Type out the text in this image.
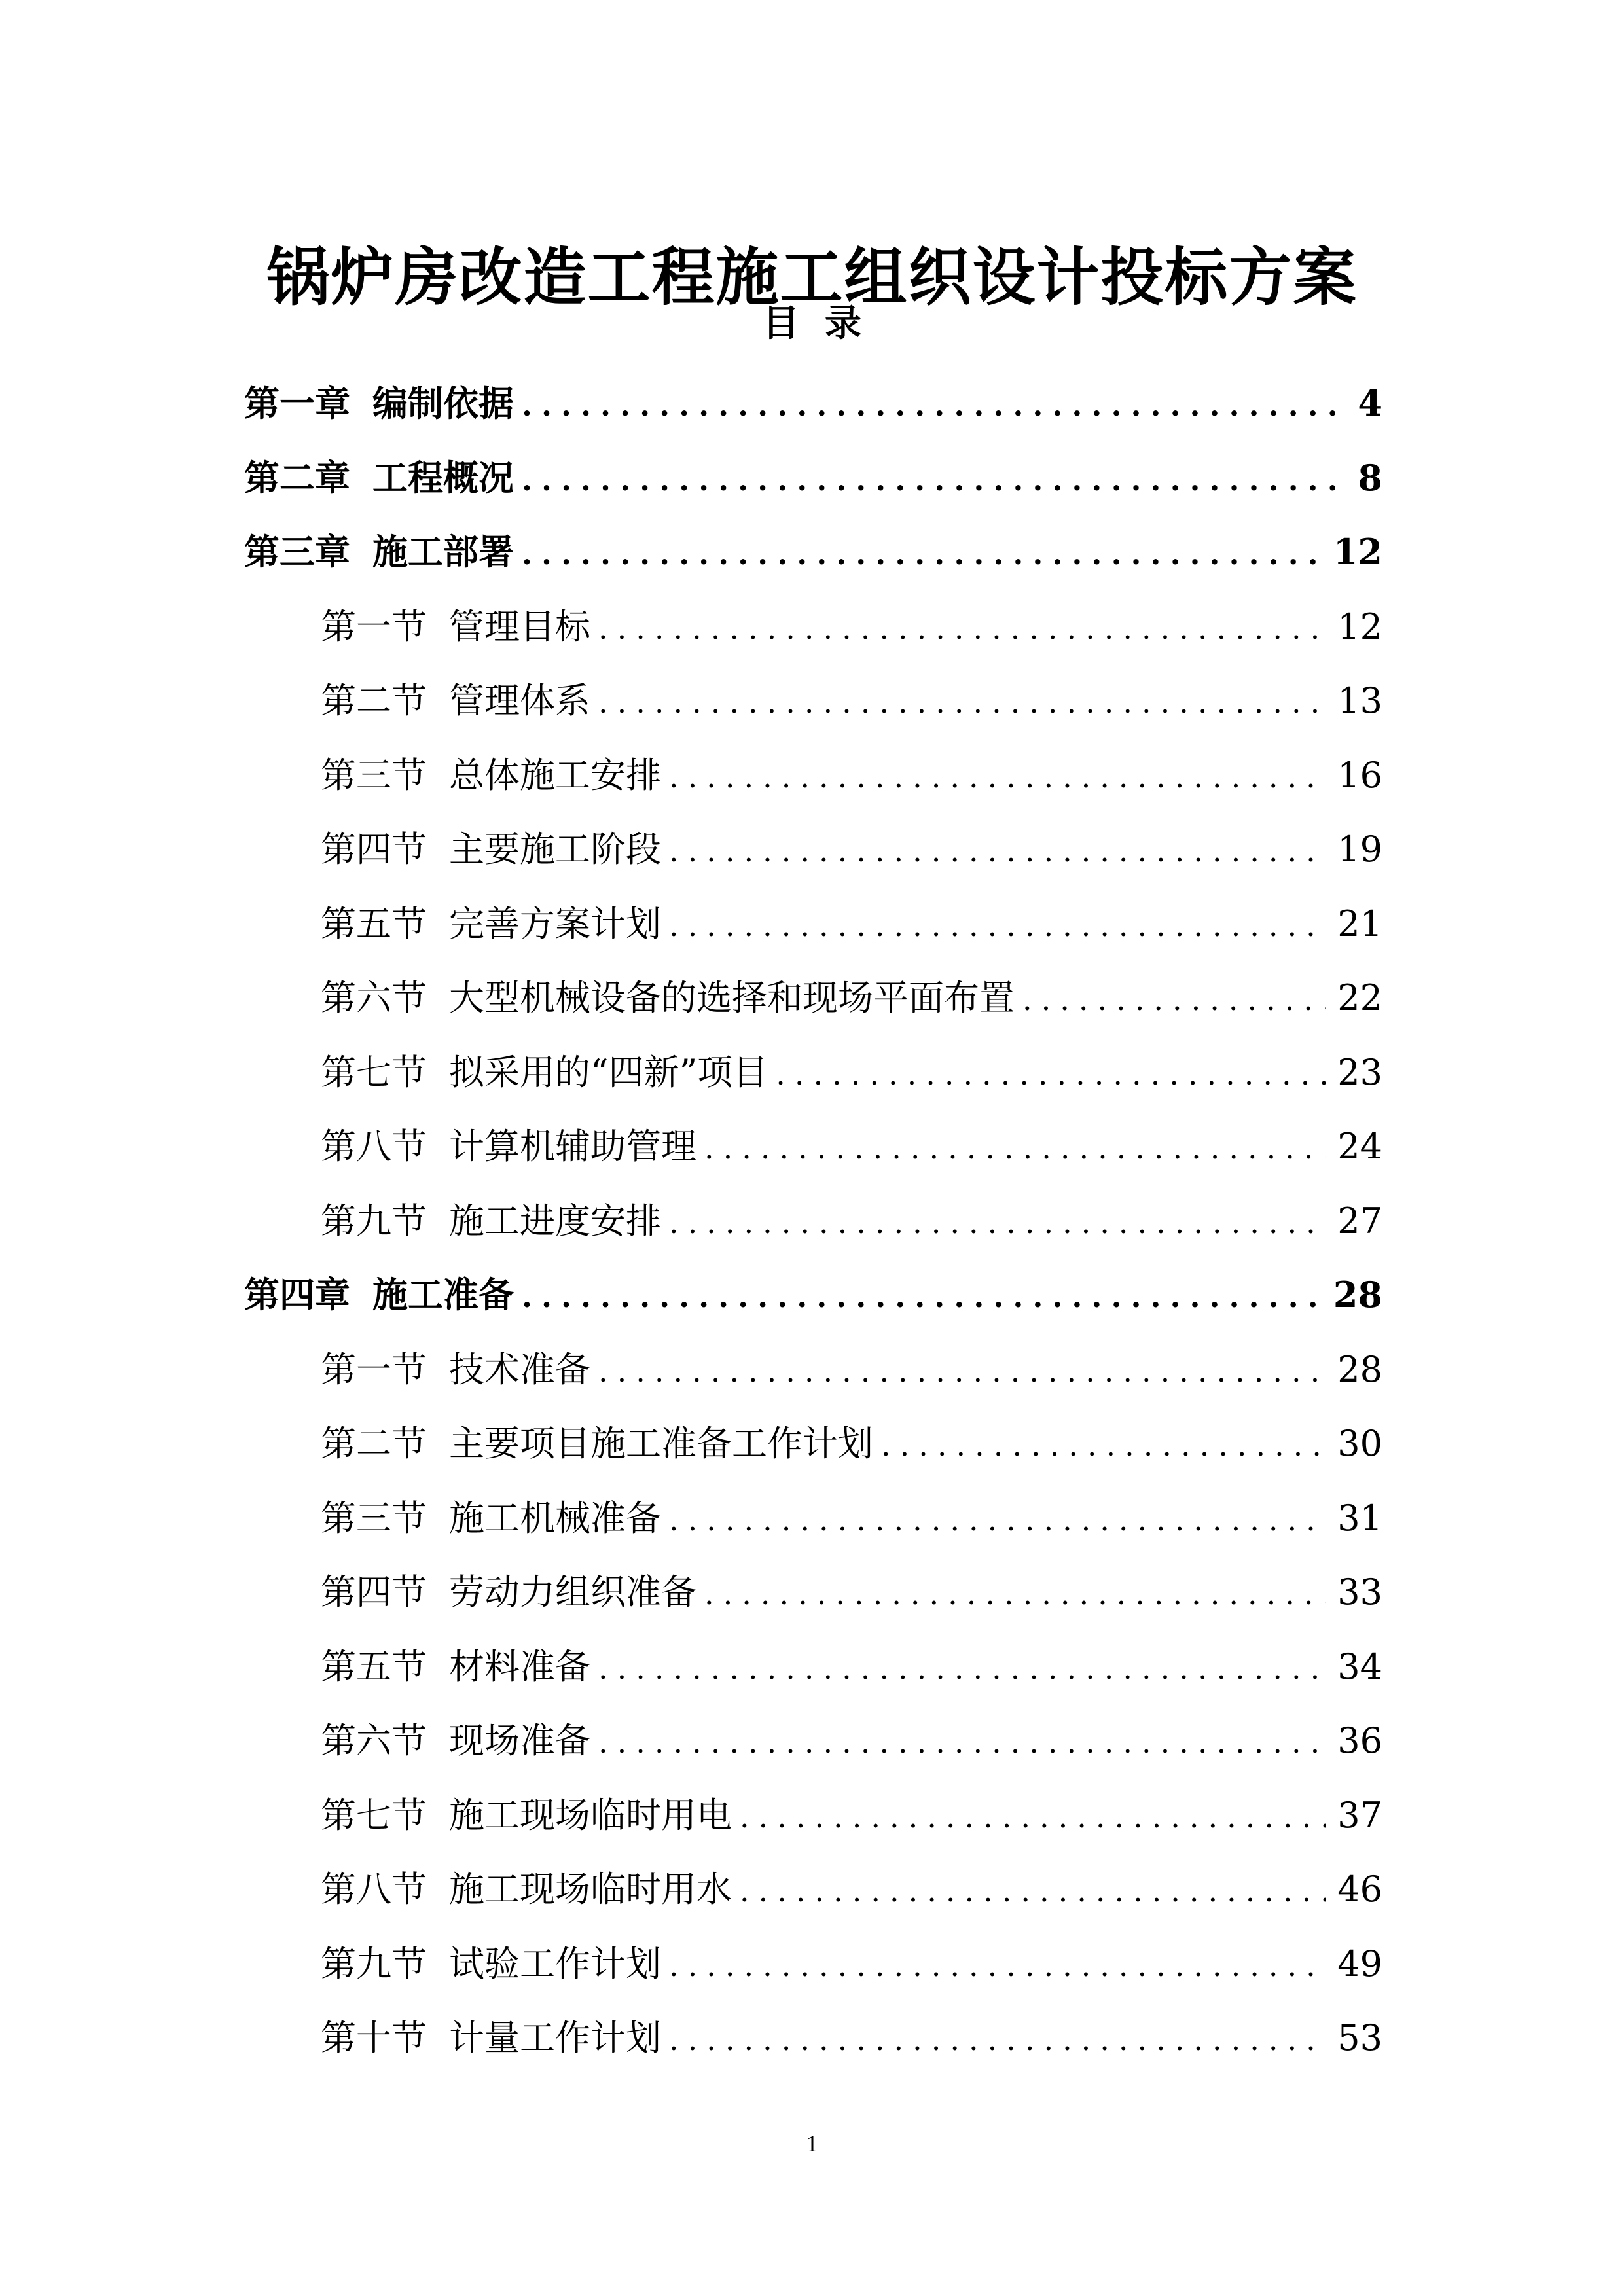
锅炉房改造工程施工组织设计投标方案
目  录
第一章 编制依据 .....	4
第二章 工程概况 .....	8
第三章 施工部署 .....	12
第一节 管理目标 .....	12
第二节 管理体系 .....	13
第三节 总体施工安排 .....	16
第四节 主要施工阶段 .....	19
第五节 完善方案计划 .....	21
第六节 大型机械设备的选择和现场平面布置 .....	22
第七节 拟采用的“四新”项目 .....	23
第八节 计算机辅助管理 .....	24
第九节 施工进度安排 .....	27
第四章 施工准备 .....	28
第一节 技术准备 .....	28
第二节 主要项目施工准备工作计划 .....	30
第三节 施工机械准备 .....	31
第四节 劳动力组织准备 .....	33
第五节 材料准备 .....	34
第六节 现场准备 .....	36
第七节 施工现场临时用电 .....	37
第八节 施工现场临时用水 .....	46
第九节 试验工作计划 .....	49
第十节 计量工作计划 .....	53
1
